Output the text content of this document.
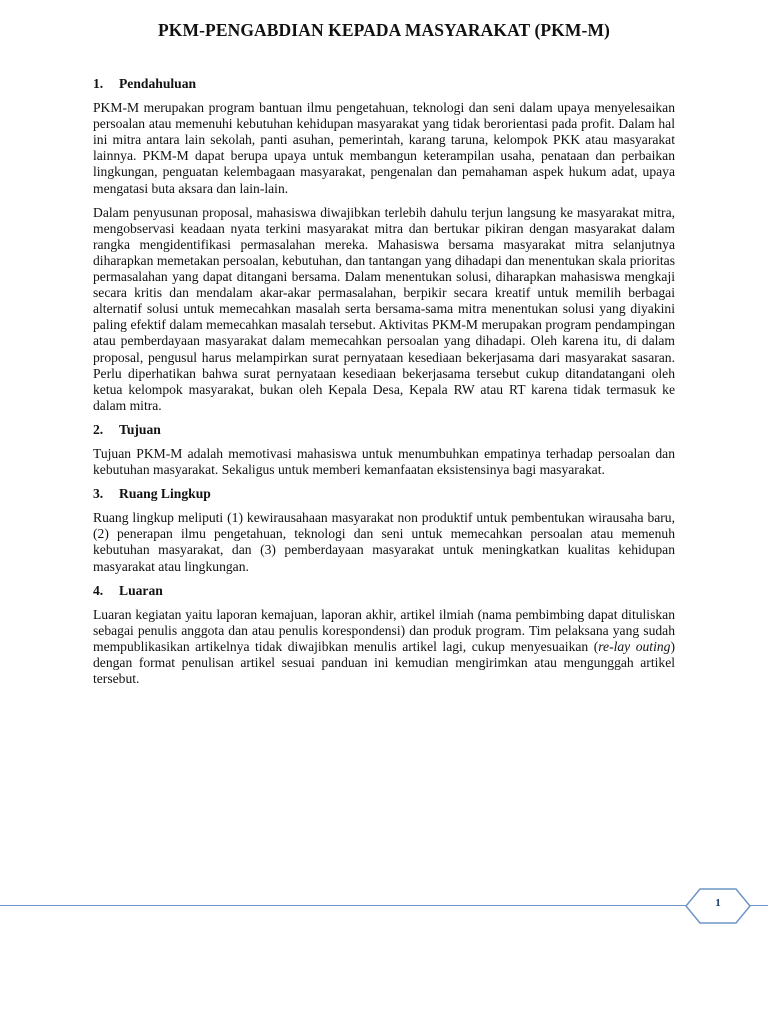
PKM-PENGABDIAN KEPADA MASYARAKAT (PKM-M)
1.	Pendahuluan

PKM-M merupakan program bantuan ilmu pengetahuan, teknologi dan seni dalam upaya menyelesaikan persoalan atau memenuhi kebutuhan kehidupan masyarakat yang tidak berorientasi pada profit. Dalam hal ini mitra antara lain sekolah, panti asuhan, pemerintah, karang taruna, kelompok PKK atau masyarakat lainnya. PKM-M dapat berupa upaya untuk membangun keterampilan usaha, penataan dan perbaikan lingkungan, penguatan kelembagaan masyarakat, pengenalan dan pemahaman aspek hukum adat, upaya mengatasi buta aksara dan lain-lain.

Dalam penyusunan proposal, mahasiswa diwajibkan terlebih dahulu terjun langsung ke masyarakat mitra, mengobservasi keadaan nyata terkini masyarakat mitra dan bertukar pikiran dengan masyarakat dalam rangka mengidentifikasi permasalahan mereka. Mahasiswa bersama masyarakat mitra selanjutnya diharapkan memetakan persoalan, kebutuhan, dan tantangan yang dihadapi dan menentukan skala prioritas permasalahan yang dapat ditangani bersama. Dalam menentukan solusi, diharapkan mahasiswa mengkaji secara kritis dan mendalam akar-akar permasalahan, berpikir secara kreatif untuk memilih berbagai alternatif solusi untuk memecahkan masalah serta bersama-sama mitra menentukan solusi yang diyakini paling efektif dalam memecahkan masalah tersebut. Aktivitas PKM-M merupakan program pendampingan atau pemberdayaan masyarakat dalam memecahkan persoalan yang dihadapi. Oleh karena itu, di dalam proposal, pengusul harus melampirkan surat pernyataan kesediaan bekerjasama dari masyarakat sasaran. Perlu diperhatikan bahwa surat pernyataan kesediaan bekerjasama tersebut cukup ditandatangani oleh ketua kelompok masyarakat, bukan oleh Kepala Desa, Kepala RW atau RT karena tidak termasuk ke dalam mitra.

2.	Tujuan

Tujuan PKM-M adalah memotivasi mahasiswa untuk menumbuhkan empatinya terhadap persoalan dan kebutuhan masyarakat. Sekaligus untuk memberi kemanfaatan eksistensinya bagi masyarakat.

3.	Ruang Lingkup

Ruang lingkup meliputi (1) kewirausahaan masyarakat non produktif untuk pembentukan wirausaha baru, (2) penerapan ilmu pengetahuan, teknologi dan seni untuk memecahkan persoalan atau memenuh kebutuhan masyarakat, dan (3) pemberdayaan masyarakat untuk meningkatkan kualitas kehidupan masyarakat atau lingkungan.

4.	Luaran

Luaran kegiatan yaitu laporan kemajuan, laporan akhir, artikel ilmiah (nama pembimbing dapat dituliskan sebagai penulis anggota dan atau penulis korespondensi) dan produk program. Tim pelaksana yang sudah mempublikasikan artikelnya tidak diwajibkan menulis artikel lagi, cukup menyesuaikan (re-lay outing) dengan format penulisan artikel sesuai panduan ini kemudian mengirimkan atau mengunggah artikel tersebut.

1
